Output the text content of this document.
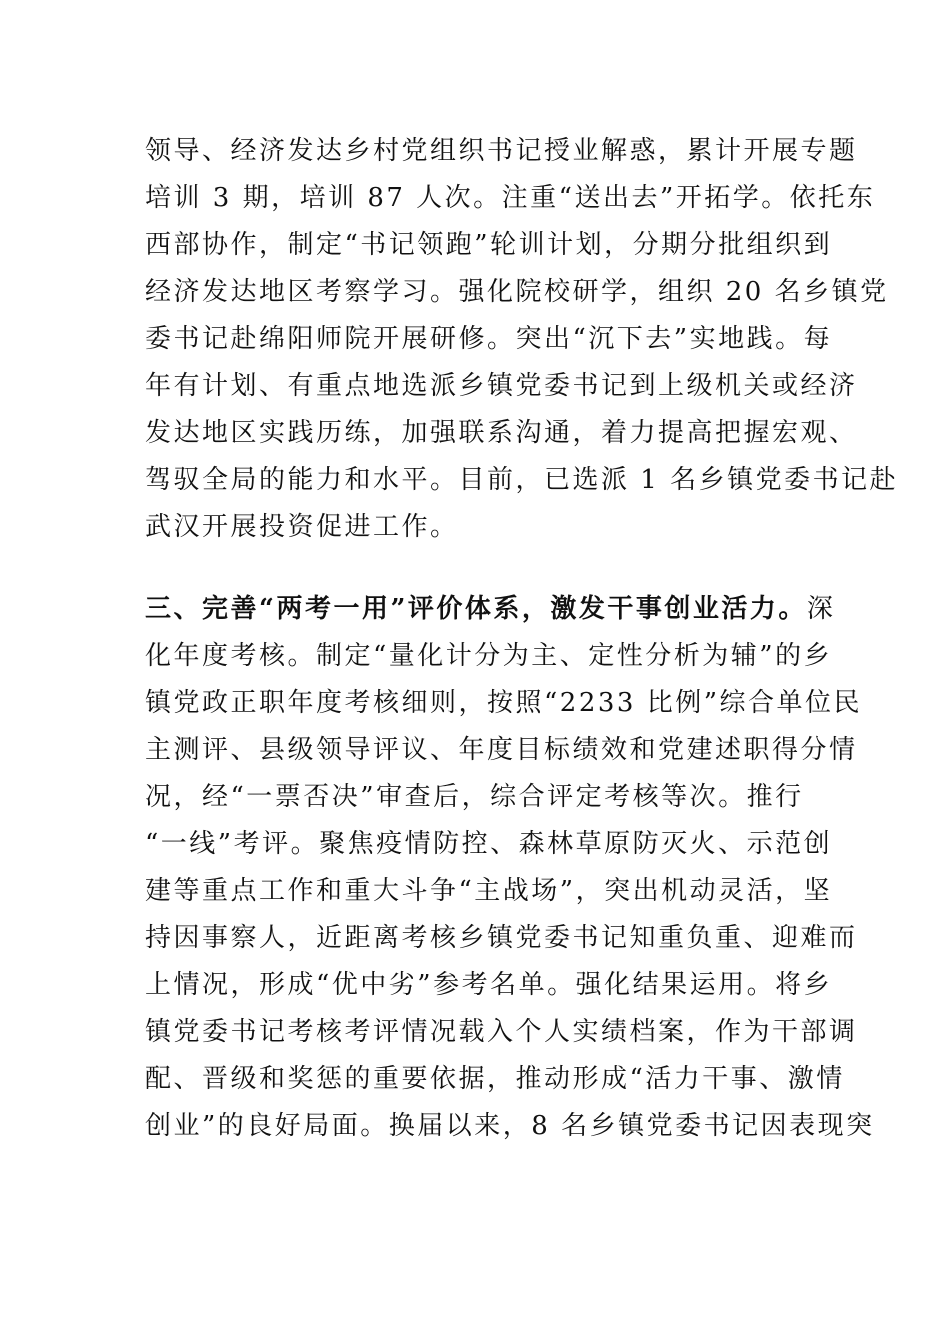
领导、经济发达乡村党组织书记授业解惑，累计开展专题
培训 3 期，培训 87 人次。注重“送出去”开拓学。依托东
西部协作，制定“书记领跑”轮训计划，分期分批组织到
经济发达地区考察学习。强化院校研学，组织 20 名乡镇党
委书记赴绵阳师院开展研修。突出“沉下去”实地践。每
年有计划、有重点地选派乡镇党委书记到上级机关或经济
发达地区实践历练，加强联系沟通，着力提高把握宏观、
驾驭全局的能力和水平。目前，已选派 1 名乡镇党委书记赴
武汉开展投资促进工作。
三、完善“两考一用”评价体系，激发干事创业活力。深
化年度考核。制定“量化计分为主、定性分析为辅”的乡
镇党政正职年度考核细则，按照“2233 比例”综合单位民
主测评、县级领导评议、年度目标绩效和党建述职得分情
况，经“一票否决”审查后，综合评定考核等次。推行
“一线”考评。聚焦疫情防控、森林草原防灭火、示范创
建等重点工作和重大斗争“主战场”，突出机动灵活，坚
持因事察人，近距离考核乡镇党委书记知重负重、迎难而
上情况，形成“优中劣”参考名单。强化结果运用。将乡
镇党委书记考核考评情况载入个人实绩档案，作为干部调
配、晋级和奖惩的重要依据，推动形成“活力干事、激情
创业”的良好局面。换届以来，8 名乡镇党委书记因表现突
